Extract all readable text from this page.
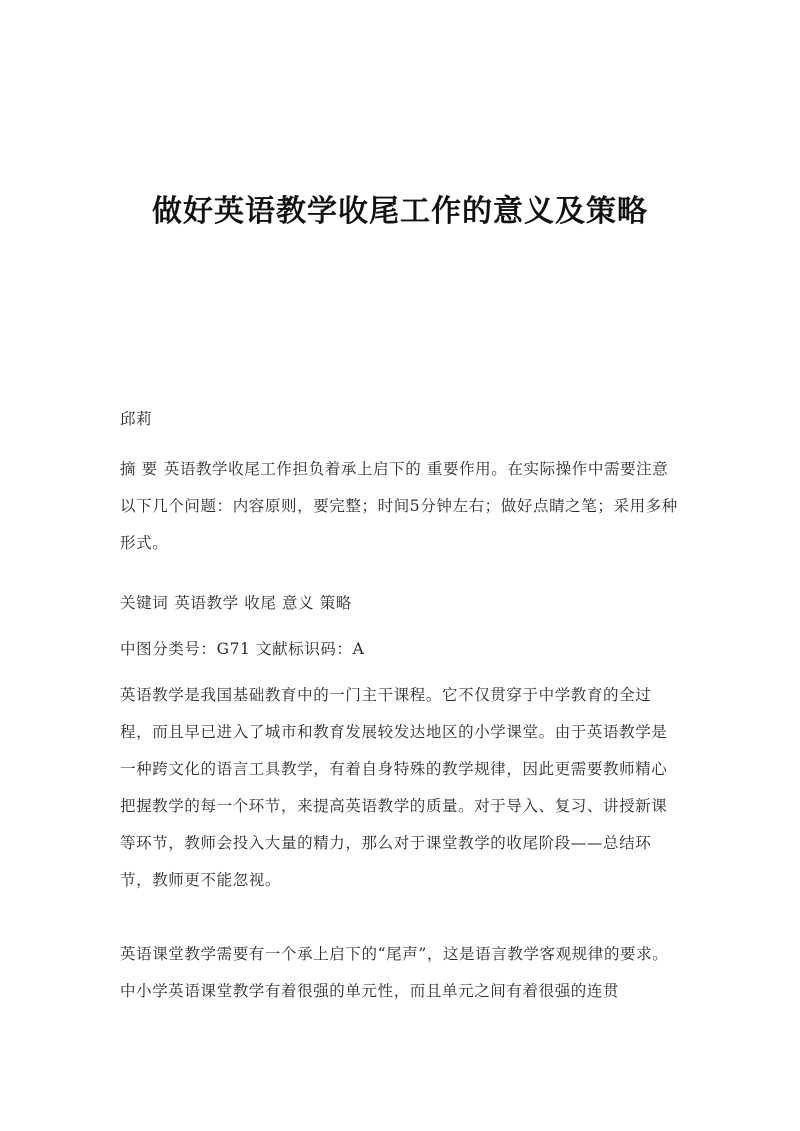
做好英语教学收尾工作的意义及策略

邱莉

摘 要 英语教学收尾工作担负着承上启下的 重要作用。在实际操作中需要注意以下几个问题：内容原则，要完整；时间5分钟左右；做好点睛之笔；采用多种形式。

关键词 英语教学 收尾 意义 策略

中图分类号：G71 文献标识码：A

英语教学是我国基础教育中的一门主干课程。它不仅贯穿于中学教育的全过程，而且早已进入了城市和教育发展较发达地区的小学课堂。由于英语教学是一种跨文化的语言工具教学，有着自身特殊的教学规律，因此更需要教师精心把握教学的每一个环节，来提高英语教学的质量。对于导入、复习、讲授新课等环节，教师会投入大量的精力，那么对于课堂教学的收尾阶段——总结环节，教师更不能忽视。

英语课堂教学需要有一个承上启下的“尾声”，这是语言教学客观规律的要求。中小学英语课堂教学有着很强的单元性，而且单元之间有着很强的连贯
